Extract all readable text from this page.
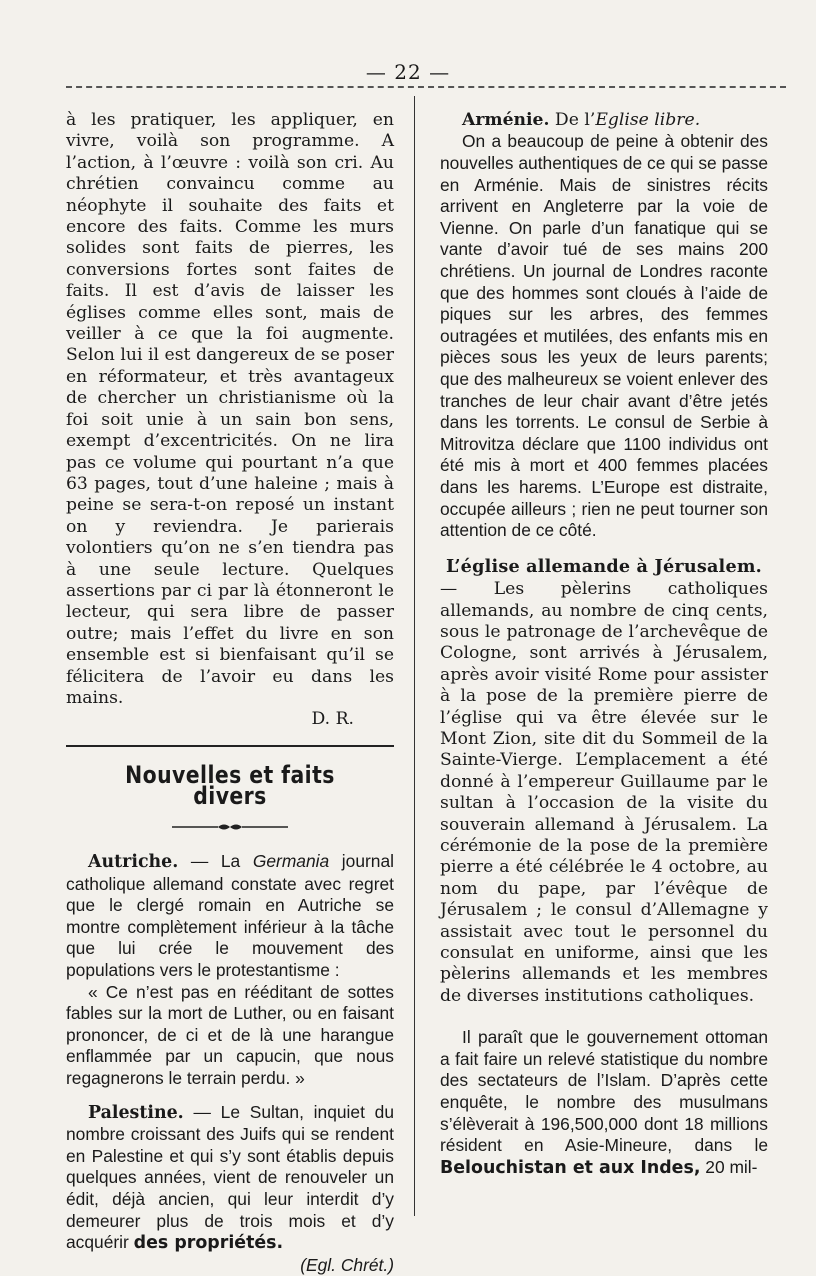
— 22 —

à les pratiquer, les appliquer, en vivre, voilà son programme. A l’action, à l’œuvre : voilà son cri. Au chrétien convaincu comme au néophyte il souhaite des faits et encore des faits. Comme les murs solides sont faits de pierres, les conversions fortes sont faites de faits. Il est d’avis de laisser les églises comme elles sont, mais de veiller à ce que la foi augmente. Selon lui il est dangereux de se poser en réformateur, et très avantageux de chercher un christianisme où la foi soit unie à un sain bon sens, exempt d’excentricités. On ne lira pas ce volume qui pourtant n’a que 63 pages, tout d’une haleine ; mais à peine se sera-t-on reposé un instant on y reviendra. Je parierais volontiers qu’on ne s’en tiendra pas à une seule lecture. Quelques assertions par ci par là étonneront le lecteur, qui sera libre de passer outre; mais l’effet du livre en son ensemble est si bienfaisant qu’il se félicitera de l’avoir eu dans les mains.

D. R.

Nouvelles et faits divers

Autriche. — La Germania journal catholique allemand constate avec regret que le clergé romain en Autriche se montre complètement inférieur à la tâche que lui crée le mouvement des populations vers le protestantisme :

« Ce n’est pas en rééditant de sottes fables sur la mort de Luther, ou en faisant prononcer, de ci et de là une harangue enflammée par un capucin, que nous regagnerons le terrain perdu. »

Palestine. — Le Sultan, inquiet du nombre croissant des Juifs qui se rendent en Palestine et qui s’y sont établis depuis quelques années, vient de renouveler un édit, déjà ancien, qui leur interdit d’y demeurer plus de trois mois et d’y acquérir des propriétés.
(Egl. Chrét.)

Arménie. De l’Eglise libre.

On a beaucoup de peine à obtenir des nouvelles authentiques de ce qui se passe en Arménie. Mais de sinistres récits arrivent en Angleterre par la voie de Vienne. On parle d’un fanatique qui se vante d’avoir tué de ses mains 200 chrétiens. Un journal de Londres raconte que des hommes sont cloués à l’aide de piques sur les arbres, des femmes outragées et mutilées, des enfants mis en pièces sous les yeux de leurs parents; que des malheureux se voient enlever des tranches de leur chair avant d’être jetés dans les torrents. Le consul de Serbie à Mitrovitza déclare que 1100 individus ont été mis à mort et 400 femmes placées dans les harems. L’Europe est distraite, occupée ailleurs ; rien ne peut tourner son attention de ce côté.

L’église allemande à Jérusalem.

— Les pèlerins catholiques allemands, au nombre de cinq cents, sous le patronage de l’archevêque de Cologne, sont arrivés à Jérusalem, après avoir visité Rome pour assister à la pose de la première pierre de l’église qui va être élevée sur le Mont Zion, site dit du Sommeil de la Sainte-Vierge. L’emplacement a été donné à l’empereur Guillaume par le sultan à l’occasion de la visite du souverain allemand à Jérusalem. La cérémonie de la pose de la première pierre a été célébrée le 4 octobre, au nom du pape, par l’évêque de Jérusalem ; le consul d’Allemagne y assistait avec tout le personnel du consulat en uniforme, ainsi que les pèlerins allemands et les membres de diverses institutions catholiques.

Il paraît que le gouvernement ottoman a fait faire un relevé statistique du nombre des sectateurs de l’Islam. D’après cette enquête, le nombre des musulmans s’élèverait à 196,500,000 dont 18 millions résident en Asie-Mineure, dans le Belouchistan et aux Indes, 20 mil-
